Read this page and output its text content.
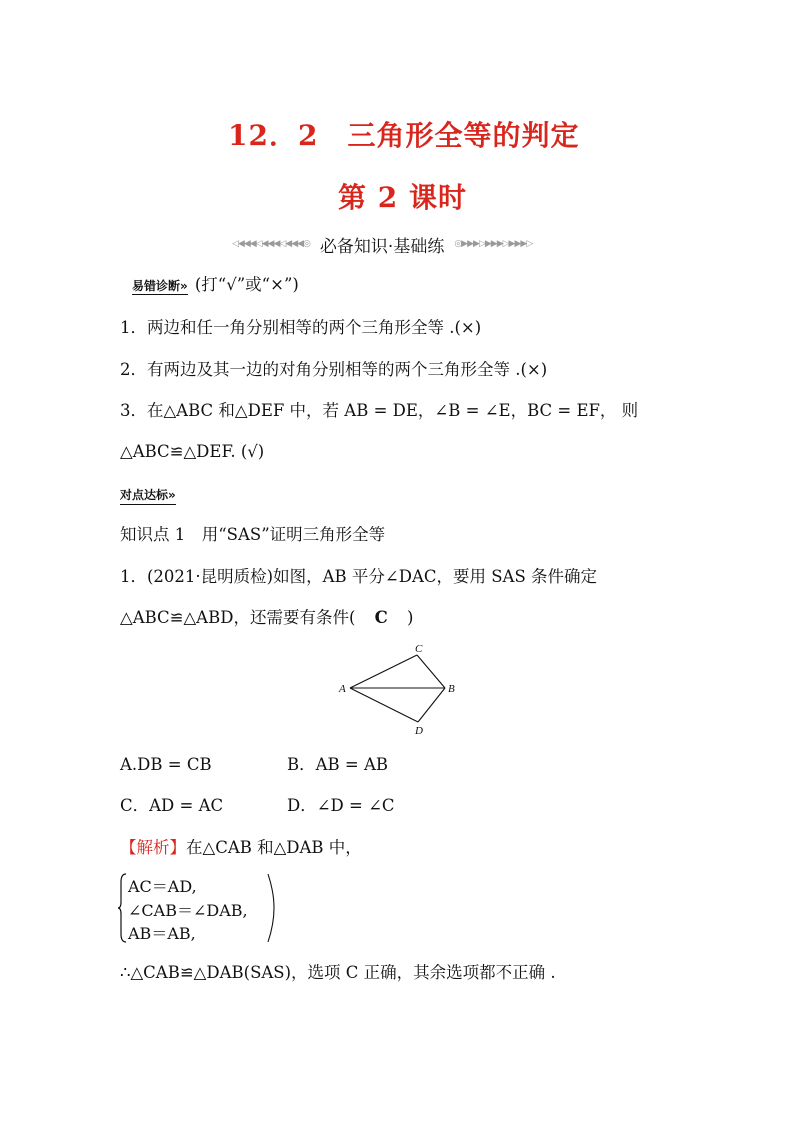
12．2　三角形全等的判定
第 2 课时
◁◀◀◀◁◀◀◀◁◀◀◀◎ 必备知识·基础练 ◎▶▶▶▷▶▶▶▷▶▶▶▷
易错诊断» (打“√”或“×”)
1．两边和任一角分别相等的两个三角形全等 .(×)
2．有两边及其一边的对角分别相等的两个三角形全等 .(×)
3．在△ABC 和△DEF 中，若 AB = DE，∠B = ∠E，BC = EF， 则
△ABC≌△DEF. (√)
对点达标»
知识点 1　用“SAS”证明三角形全等
1．(2021·昆明质检)如图，AB 平分∠DAC，要用 SAS 条件确定
△ABC≌△ABD，还需要有条件( C )
A	B
C
D
A.DB = CB	B．AB = AB
C．AD = AC	D．∠D = ∠C
【解析】在△CAB 和△DAB 中，
AC＝AD,
∠CAB＝∠DAB,
AB＝AB,
∴△CAB≌△DAB(SAS)，选项 C 正确，其余选项都不正确 .
